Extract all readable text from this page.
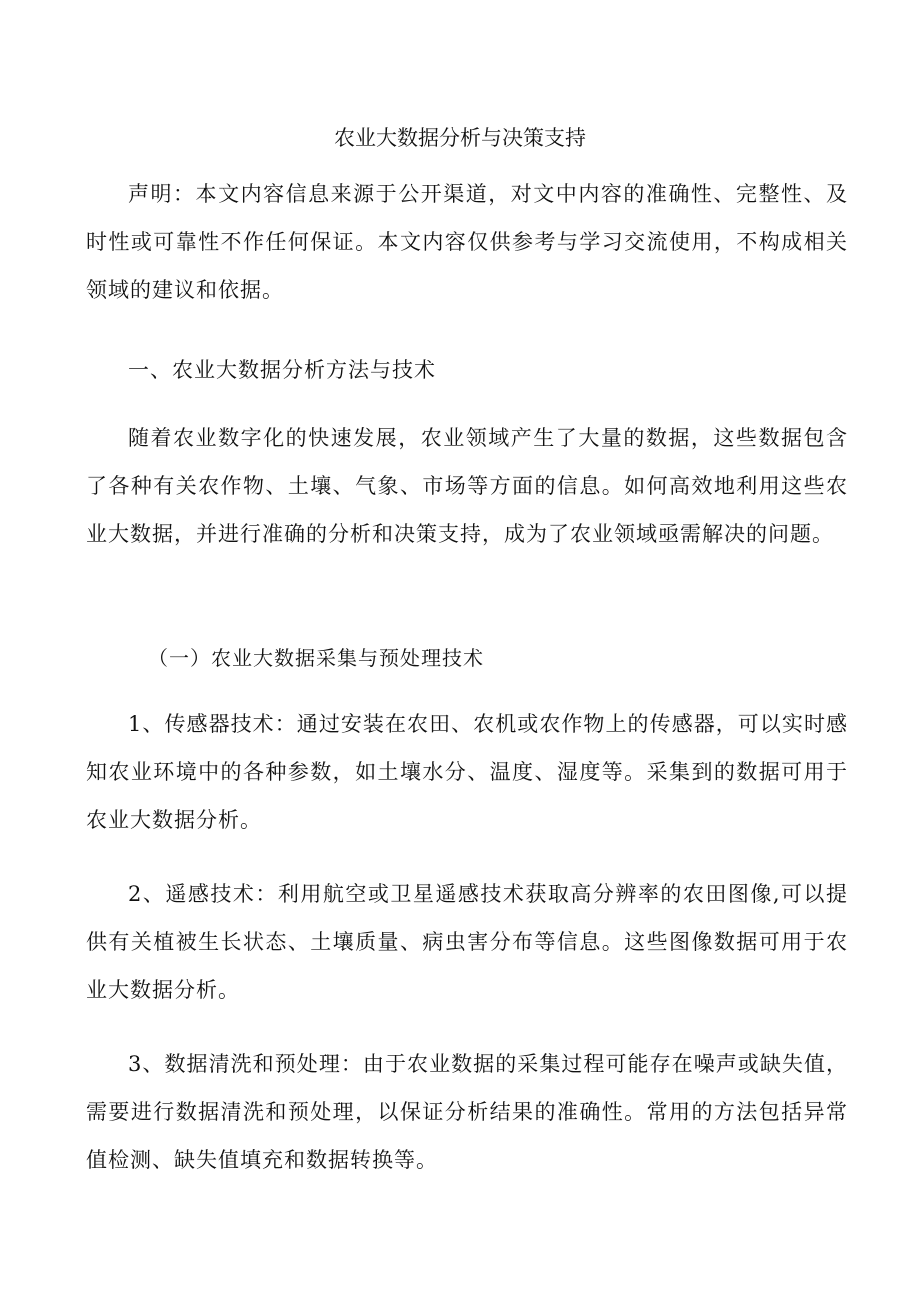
农业大数据分析与决策支持

声明：本文内容信息来源于公开渠道，对文中内容的准确性、完整性、及时性或可靠性不作任何保证。本文内容仅供参考与学习交流使用，不构成相关领域的建议和依据。

一、农业大数据分析方法与技术

随着农业数字化的快速发展，农业领域产生了大量的数据，这些数据包含了各种有关农作物、土壤、气象、市场等方面的信息。如何高效地利用这些农业大数据，并进行准确的分析和决策支持，成为了农业领域亟需解决的问题。

（一）农业大数据采集与预处理技术

1、传感器技术：通过安装在农田、农机或农作物上的传感器，可以实时感知农业环境中的各种参数，如土壤水分、温度、湿度等。采集到的数据可用于农业大数据分析。

2、遥感技术：利用航空或卫星遥感技术获取高分辨率的农田图像,可以提供有关植被生长状态、土壤质量、病虫害分布等信息。这些图像数据可用于农业大数据分析。

3、数据清洗和预处理：由于农业数据的采集过程可能存在噪声或缺失值，需要进行数据清洗和预处理，以保证分析结果的准确性。常用的方法包括异常值检测、缺失值填充和数据转换等。
